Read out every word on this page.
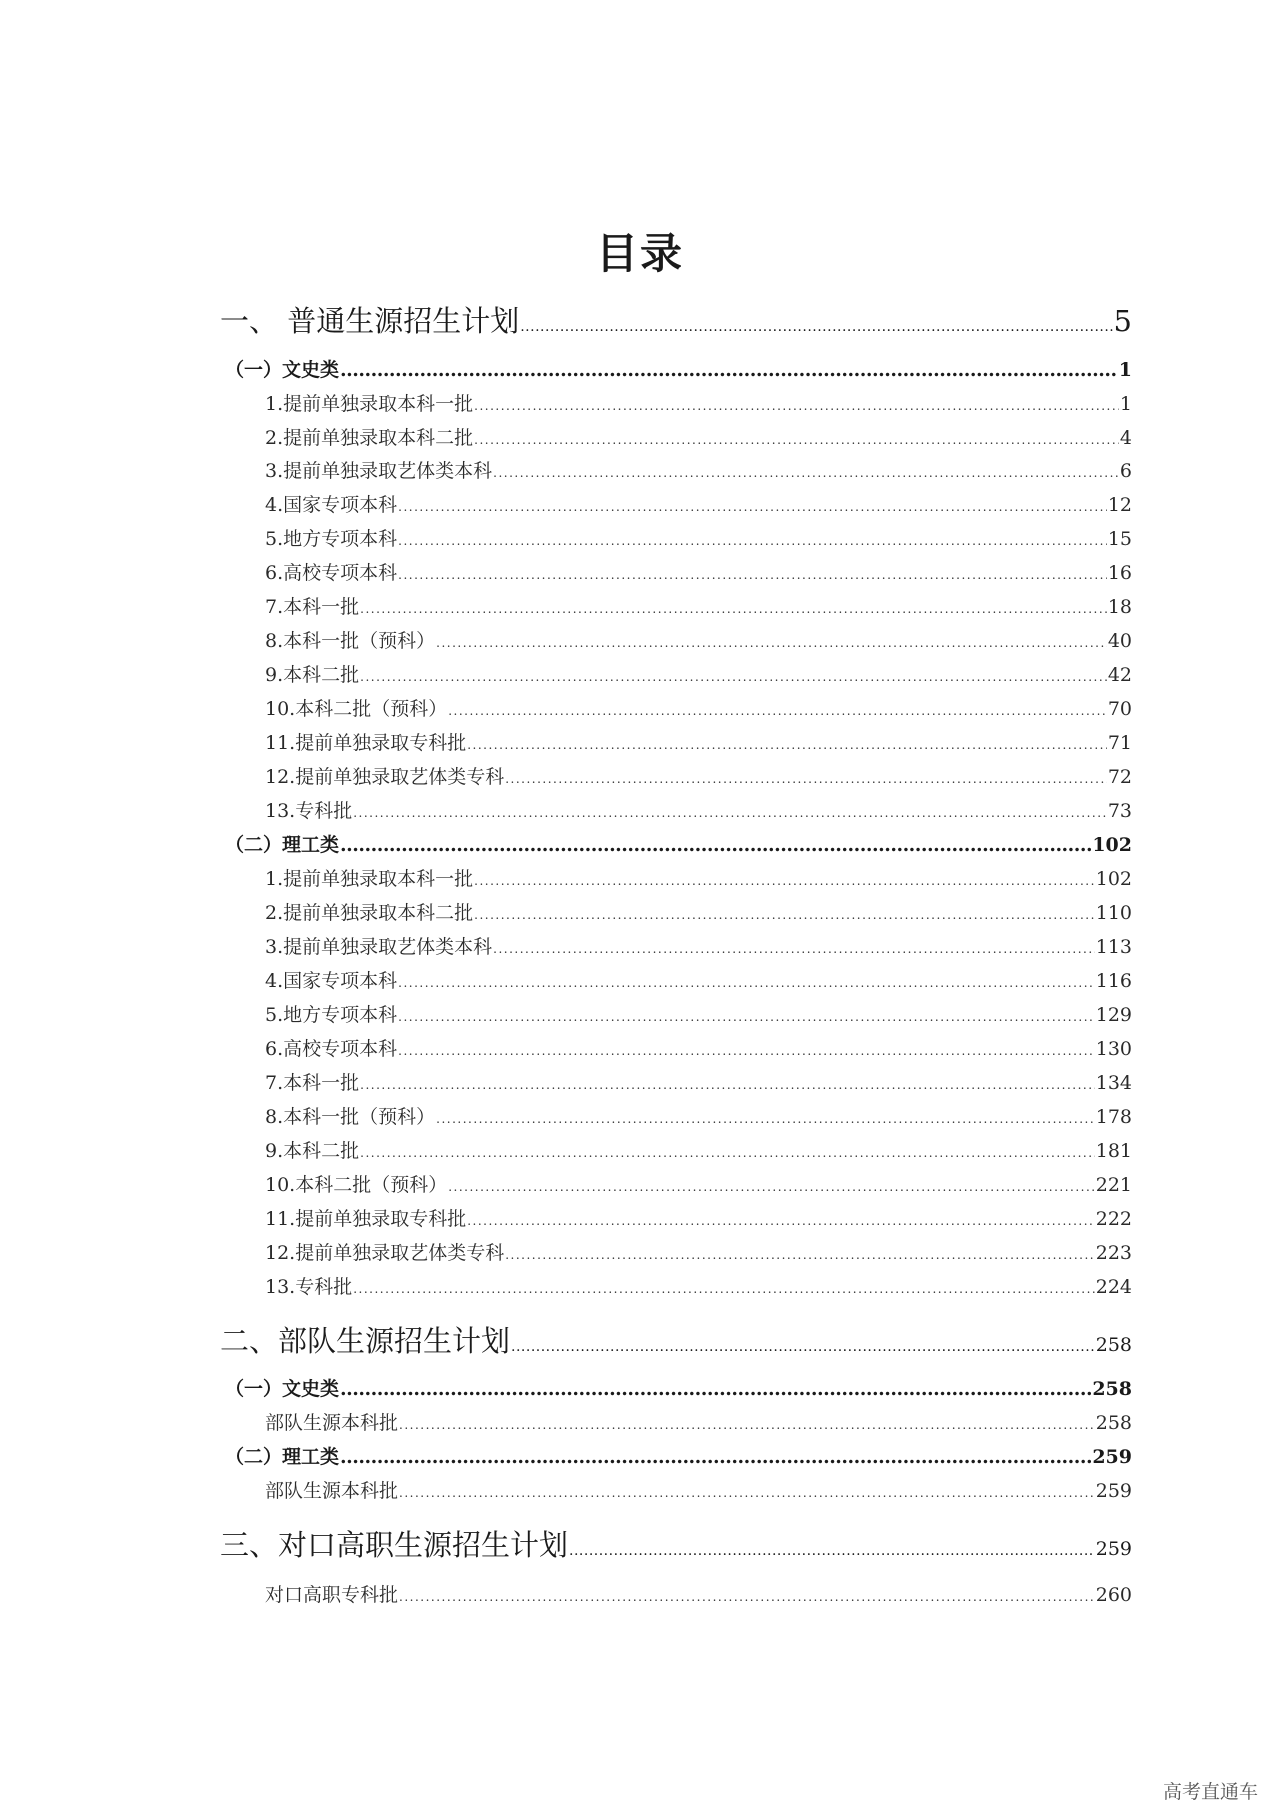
目录
一、 普通生源招生计划 .....	5
（一）文史类 .....	1
1.提前单独录取本科一批 .....	1
2.提前单独录取本科二批 .....	4
3.提前单独录取艺体类本科 .....	6
4.国家专项本科 .....	12
5.地方专项本科 .....	15
6.高校专项本科 .....	16
7.本科一批 .....	18
8.本科一批（预科） .....	40
9.本科二批 .....	42
10.本科二批（预科） .....	70
11.提前单独录取专科批 .....	71
12.提前单独录取艺体类专科 .....	72
13.专科批 .....	73
（二）理工类 .....	102
1.提前单独录取本科一批 .....	102
2.提前单独录取本科二批 .....	110
3.提前单独录取艺体类本科 .....	113
4.国家专项本科 .....	116
5.地方专项本科 .....	129
6.高校专项本科 .....	130
7.本科一批 .....	134
8.本科一批（预科） .....	178
9.本科二批 .....	181
10.本科二批（预科） .....	221
11.提前单独录取专科批 .....	222
12.提前单独录取艺体类专科 .....	223
13.专科批 .....	224
二、部队生源招生计划 .....	258
（一）文史类 .....	258
部队生源本科批 .....	258
（二）理工类 .....	259
部队生源本科批 .....	259
三、对口高职生源招生计划 .....	259
对口高职专科批 .....	260
高考直通车
